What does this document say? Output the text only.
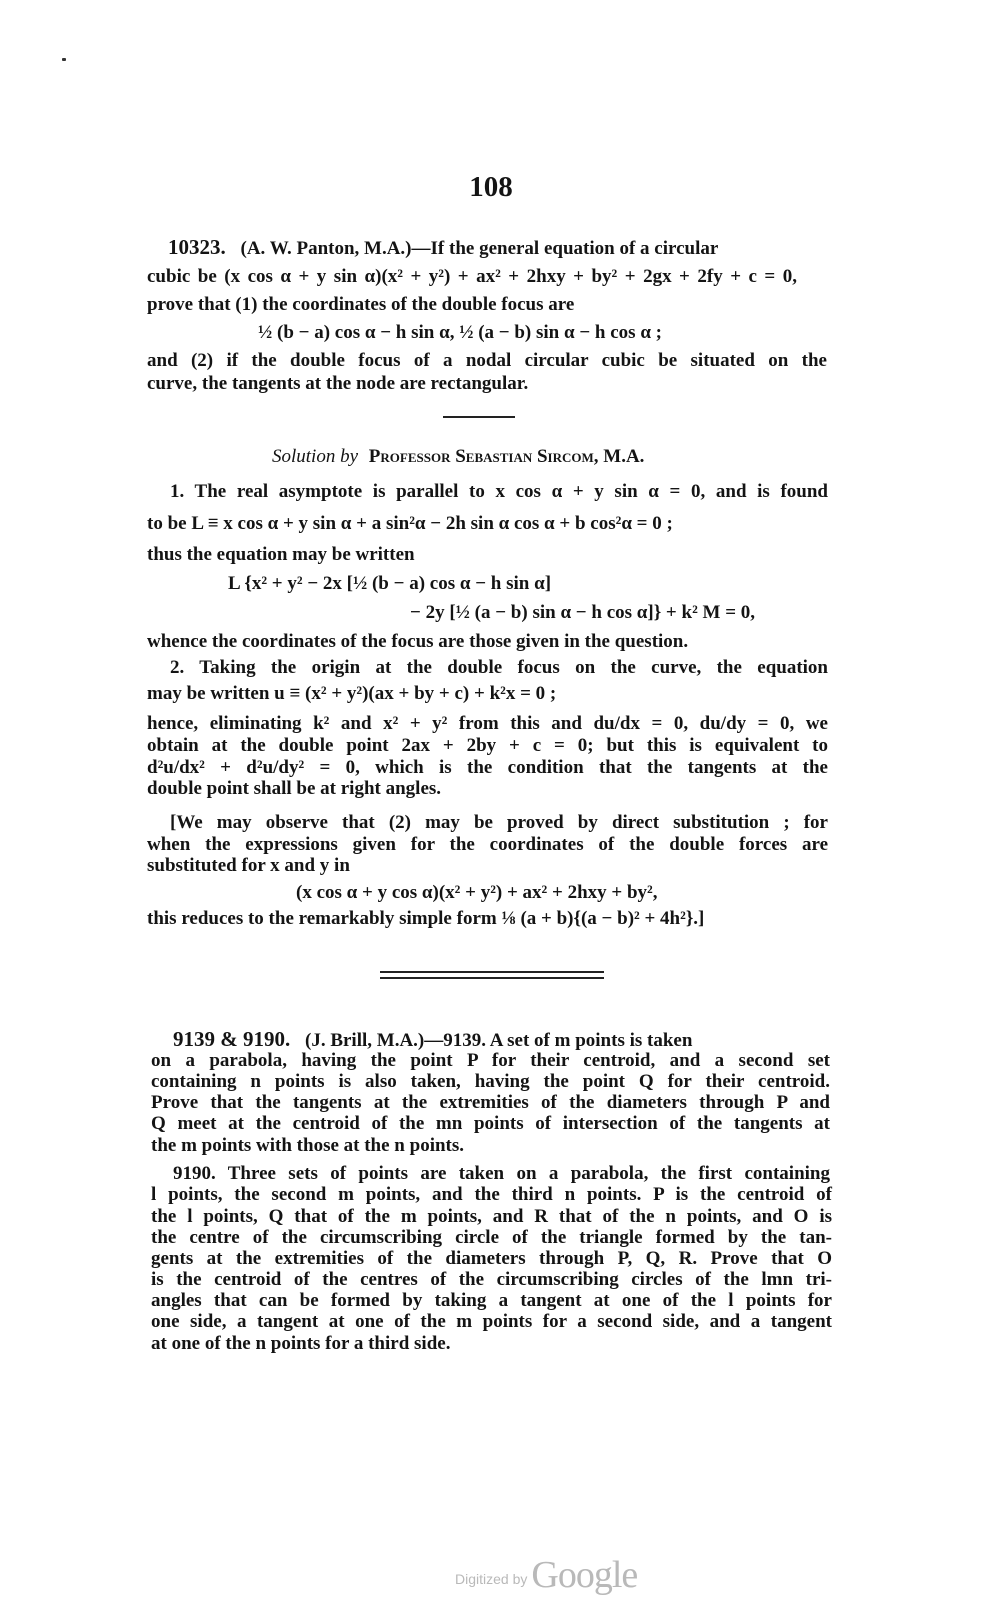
108
10323. (A. W. Panton, M.A.)—If the general equation of a circular
cubic be (x cos α + y sin α)(x² + y²) + ax² + 2hxy + by² + 2gx + 2fy + c = 0,
prove that (1) the coordinates of the double focus are
½ (b − a) cos α − h sin α, ½ (a − b) sin α − h cos α ;
and (2) if the double focus of a nodal circular cubic be situated on the
curve, the tangents at the node are rectangular.
Solution by Professor Sebastian Sircom, M.A.
1. The real asymptote is parallel to x cos α + y sin α = 0, and is found
to be L ≡ x cos α + y sin α + a sin²α − 2h sin α cos α + b cos²α = 0 ;
thus the equation may be written
L {x² + y² − 2x [½ (b − a) cos α − h sin α]
− 2y [½ (a − b) sin α − h cos α]} + k² M = 0,
whence the coordinates of the focus are those given in the question.
2. Taking the origin at the double focus on the curve, the equation
may be written u ≡ (x² + y²)(ax + by + c) + k²x = 0 ;
hence, eliminating k² and x² + y² from this and du/dx = 0, du/dy = 0, we
obtain at the double point 2ax + 2by + c = 0; but this is equivalent to
d²u/dx² + d²u/dy² = 0, which is the condition that the tangents at the
double point shall be at right angles.
[We may observe that (2) may be proved by direct substitution ; for
when the expressions given for the coordinates of the double forces are
substituted for x and y in
(x cos α + y cos α)(x² + y²) + ax² + 2hxy + by²,
this reduces to the remarkably simple form ⅛ (a + b){(a − b)² + 4h²}.]
9139 & 9190. (J. Brill, M.A.)—9139. A set of m points is taken
on a parabola, having the point P for their centroid, and a second set
containing n points is also taken, having the point Q for their centroid.
Prove that the tangents at the extremities of the diameters through P and
Q meet at the centroid of the mn points of intersection of the tangents at
the m points with those at the n points.
9190. Three sets of points are taken on a parabola, the first containing
l points, the second m points, and the third n points. P is the centroid of
the l points, Q that of the m points, and R that of the n points, and O is
the centre of the circumscribing circle of the triangle formed by the tan-
gents at the extremities of the diameters through P, Q, R. Prove that O
is the centroid of the centres of the circumscribing circles of the lmn tri-
angles that can be formed by taking a tangent at one of the l points for
one side, a tangent at one of the m points for a second side, and a tangent
at one of the n points for a third side.
Digitized by Google
